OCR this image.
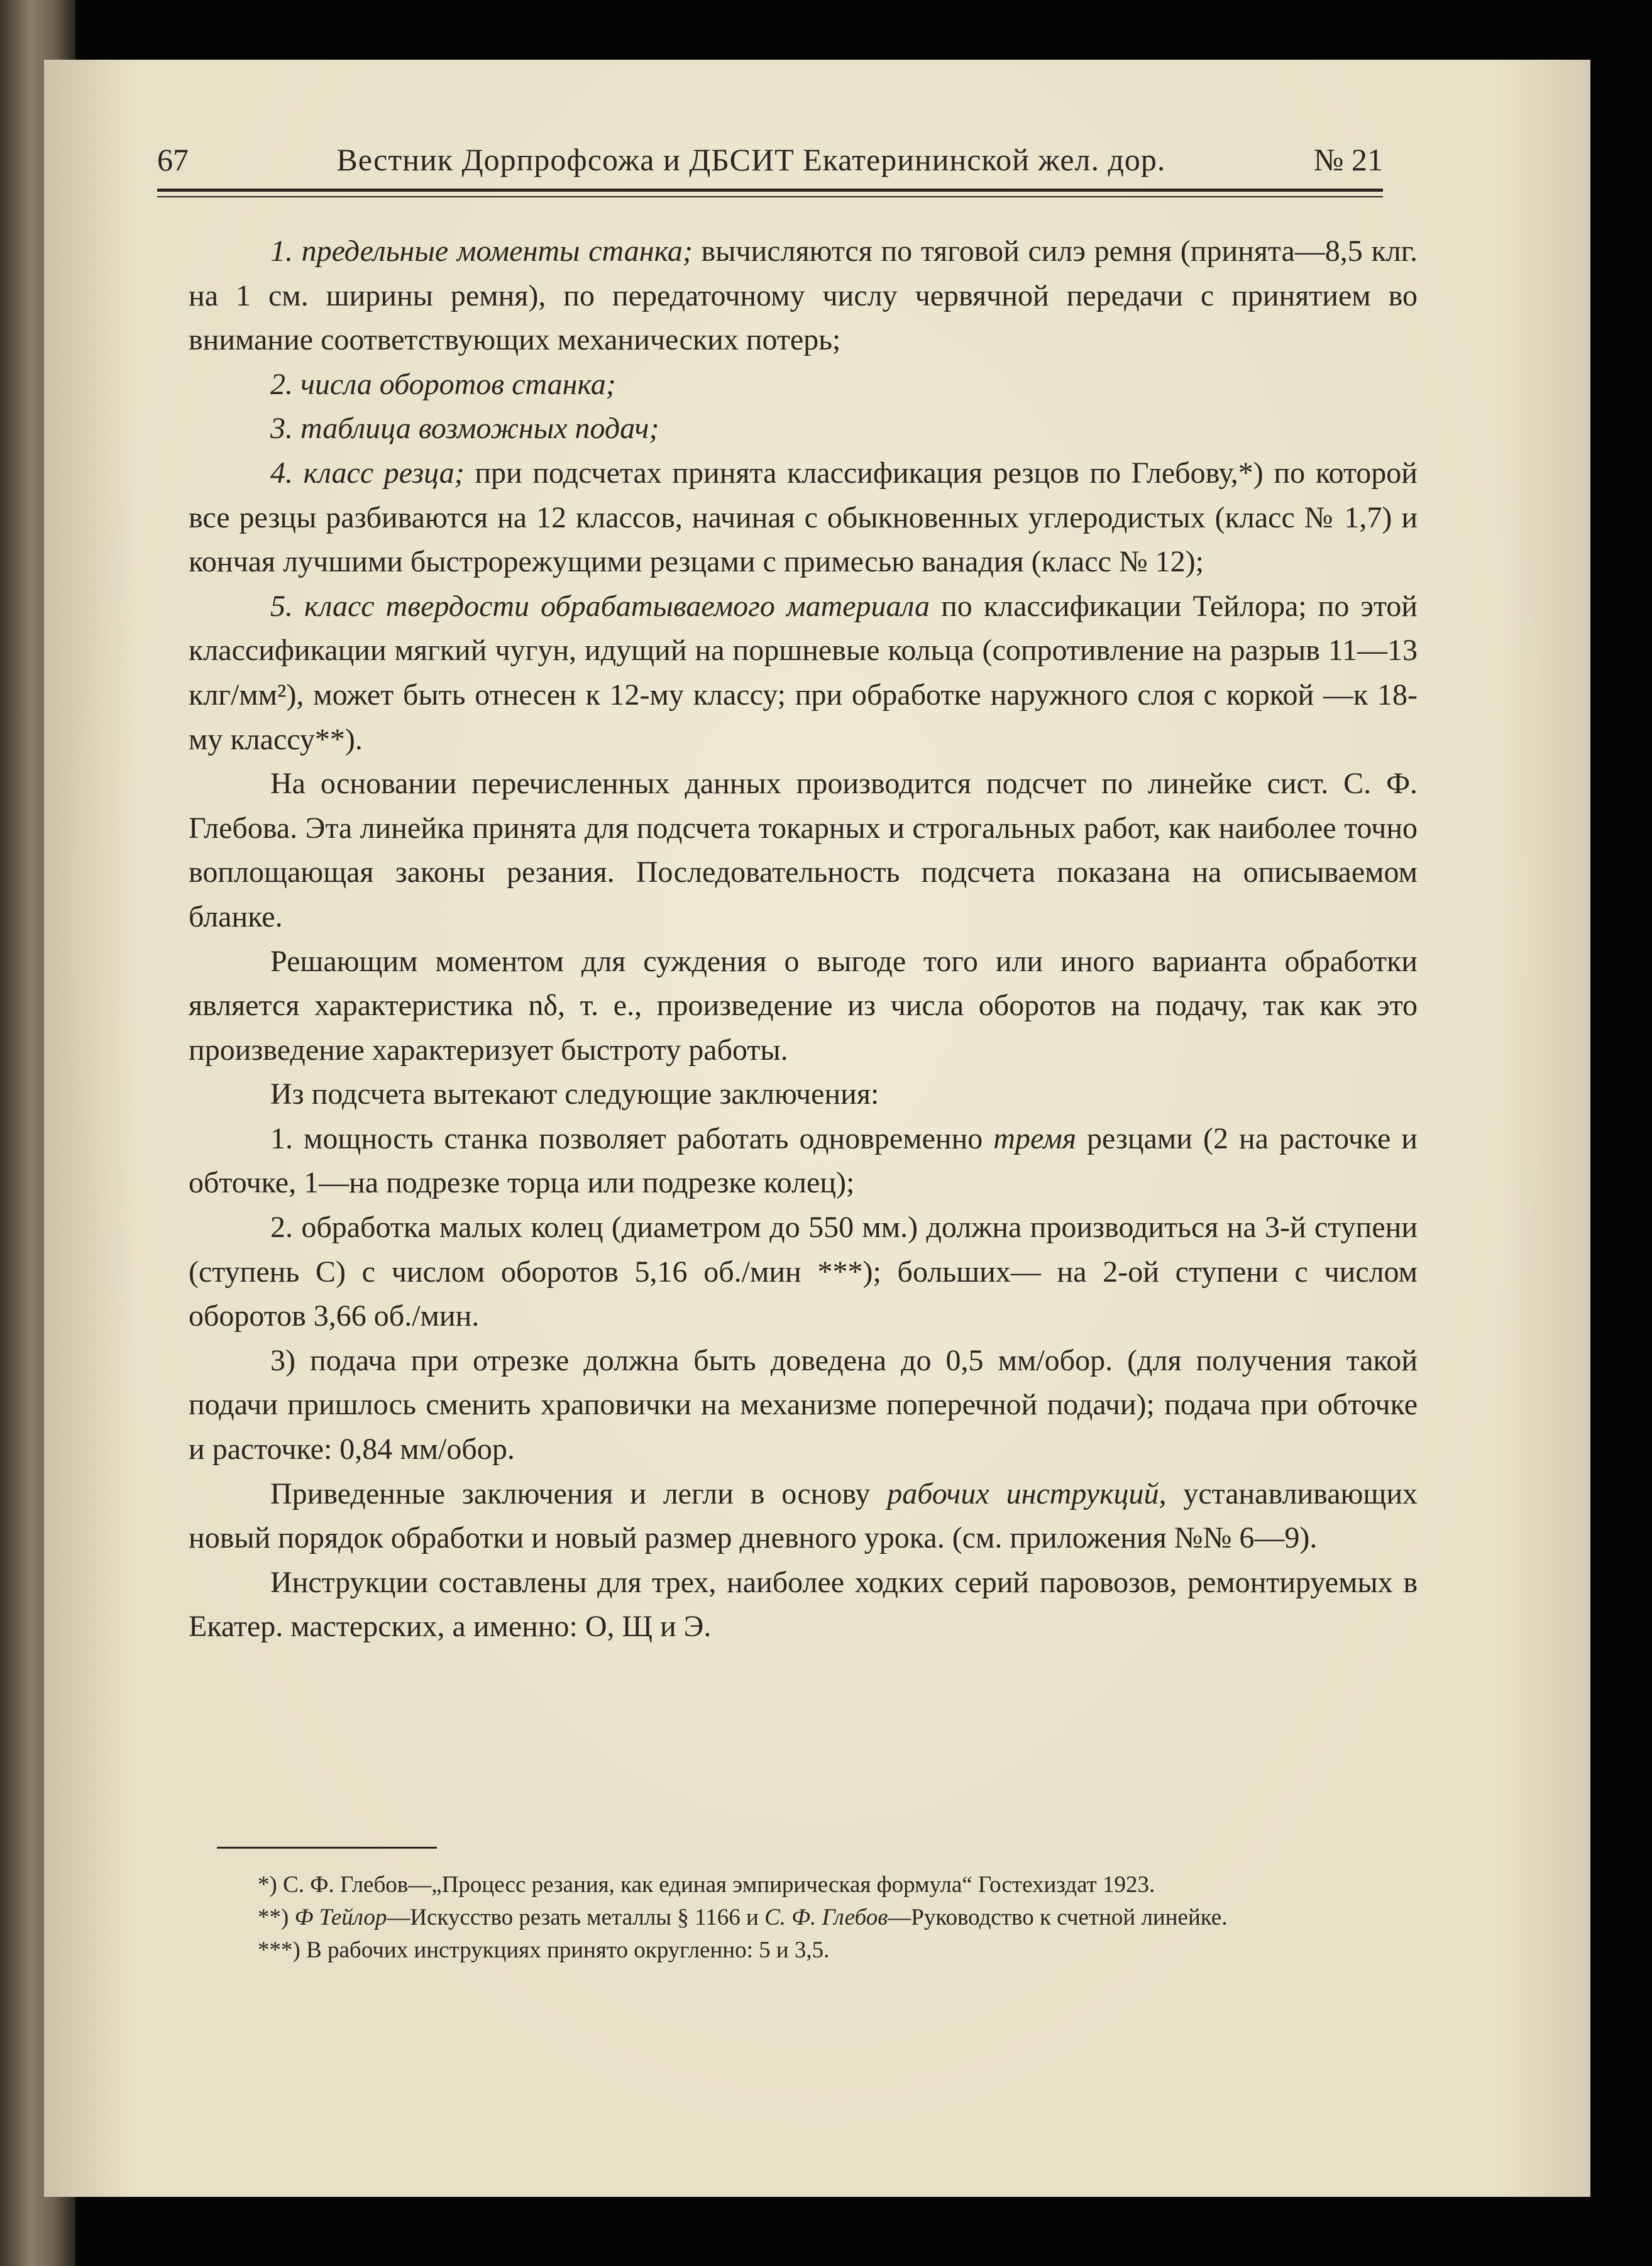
67	Вестник Дорпрофсожа и ДБСИТ Екатерининской жел. дор.	№ 21

1. предельные моменты станка; вычисляются по тяговой силэ ремня (принята—8,5 клг. на 1 см. ширины ремня), по передаточному числу червячной передачи с принятием во внимание соответствующих механических потерь;

2. числа оборотов станка;

3. таблица возможных подач;

4. класс резца; при подсчетах принята классификация резцов по Глебову,*) по которой все резцы разбиваются на 12 классов, начиная с обыкновенных углеродистых (класс № 1,7) и кончая лучшими быстрорежущими резцами с примесью ванадия (класс № 12);

5. класс твердости обрабатываемого материала по классификации Тейлора; по этой классификации мягкий чугун, идущий на поршневые кольца (сопротивление на разрыв 11—13 клг/мм²), может быть отнесен к 12-му классу; при обработке наружного слоя с коркой —к 18-му классу**).

На основании перечисленных данных производится подсчет по линейке сист. С. Ф. Глебова. Эта линейка принята для подсчета токарных и строгальных работ, как наиболее точно воплощающая законы резания. Последовательность подсчета показана на описываемом бланке.

Решающим моментом для суждения о выгоде того или иного варианта обработки является характеристика nδ, т. е., произведение из числа оборотов на подачу, так как это произведение характеризует быстроту работы.

Из подсчета вытекают следующие заключения:

1. мощность станка позволяет работать одновременно тремя резцами (2 на расточке и обточке, 1—на подрезке торца или подрезке колец);

2. обработка малых колец (диаметром до 550 мм.) должна производиться на 3-й ступени (ступень С) с числом оборотов 5,16 об./мин ***); больших— на 2-ой ступени с числом оборотов 3,66 об./мин.

3) подача при отрезке должна быть доведена до 0,5 мм/обор. (для получения такой подачи пришлось сменить храповички на механизме поперечной подачи); подача при обточке и расточке: 0,84 мм/обор.

Приведенные заключения и легли в основу рабочих инструкций, устанавливающих новый порядок обработки и новый размер дневного урока. (см. приложения №№ 6—9).

Инструкции составлены для трех, наиболее ходких серий паровозов, ремонтируемых в Екатер. мастерских, а именно: О, Щ и Э.

*) С. Ф. Глебов—„Процесс резания, как единая эмпирическая формула“ Гостехиздат 1923.

**) Ф Тейлор—Искусство резать металлы § 1166 и С. Ф. Глебов—Руководство к счетной линейке.

***) В рабочих инструкциях принято округленно: 5 и 3,5.
